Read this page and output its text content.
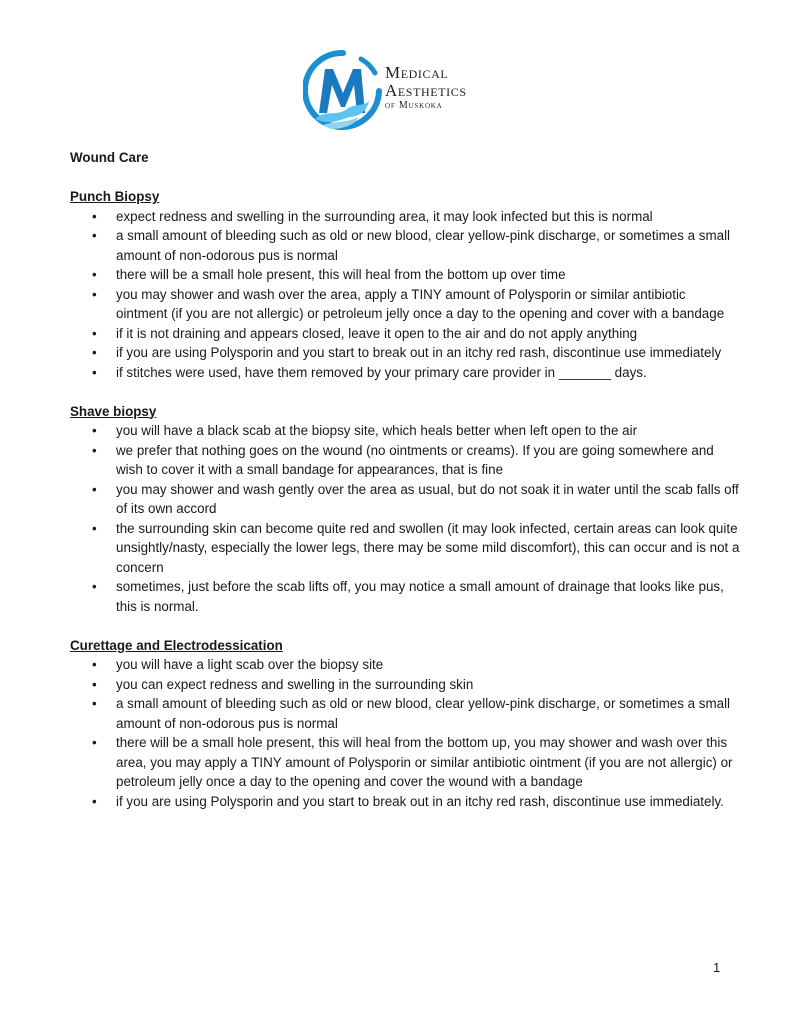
Medical
Aesthetics
of Muskoka

Wound Care

Punch Biopsy

• expect redness and swelling in the surrounding area, it may look infected but this is normal
• a small amount of bleeding such as old or new blood, clear yellow-pink discharge, or sometimes a small amount of non-odorous pus is normal
• there will be a small hole present, this will heal from the bottom up over time
• you may shower and wash over the area, apply a TINY amount of Polysporin or similar antibiotic ointment (if you are not allergic) or petroleum jelly once a day to the opening and cover with a bandage
• if it is not draining and appears closed, leave it open to the air and do not apply anything
• if you are using Polysporin and you start to break out in an itchy red rash, discontinue use immediately
• if stitches were used, have them removed by your primary care provider in _______ days.

Shave biopsy

• you will have a black scab at the biopsy site, which heals better when left open to the air
• we prefer that nothing goes on the wound (no ointments or creams). If you are going somewhere and wish to cover it with a small bandage for appearances, that is fine
• you may shower and wash gently over the area as usual, but do not soak it in water until the scab falls off of its own accord
• the surrounding skin can become quite red and swollen (it may look infected, certain areas can look quite unsightly/nasty, especially the lower legs, there may be some mild discomfort), this can occur and is not a concern
• sometimes, just before the scab lifts off, you may notice a small amount of drainage that looks like pus, this is normal.

Curettage and Electrodessication

• you will have a light scab over the biopsy site
• you can expect redness and swelling in the surrounding skin
• a small amount of bleeding such as old or new blood, clear yellow-pink discharge, or sometimes a small amount of non-odorous pus is normal
• there will be a small hole present, this will heal from the bottom up, you may shower and wash over this area, you may apply a TINY amount of Polysporin or similar antibiotic ointment (if you are not allergic) or petroleum jelly once a day to the opening and cover the wound with a bandage
• if you are using Polysporin and you start to break out in an itchy red rash, discontinue use immediately.
1
